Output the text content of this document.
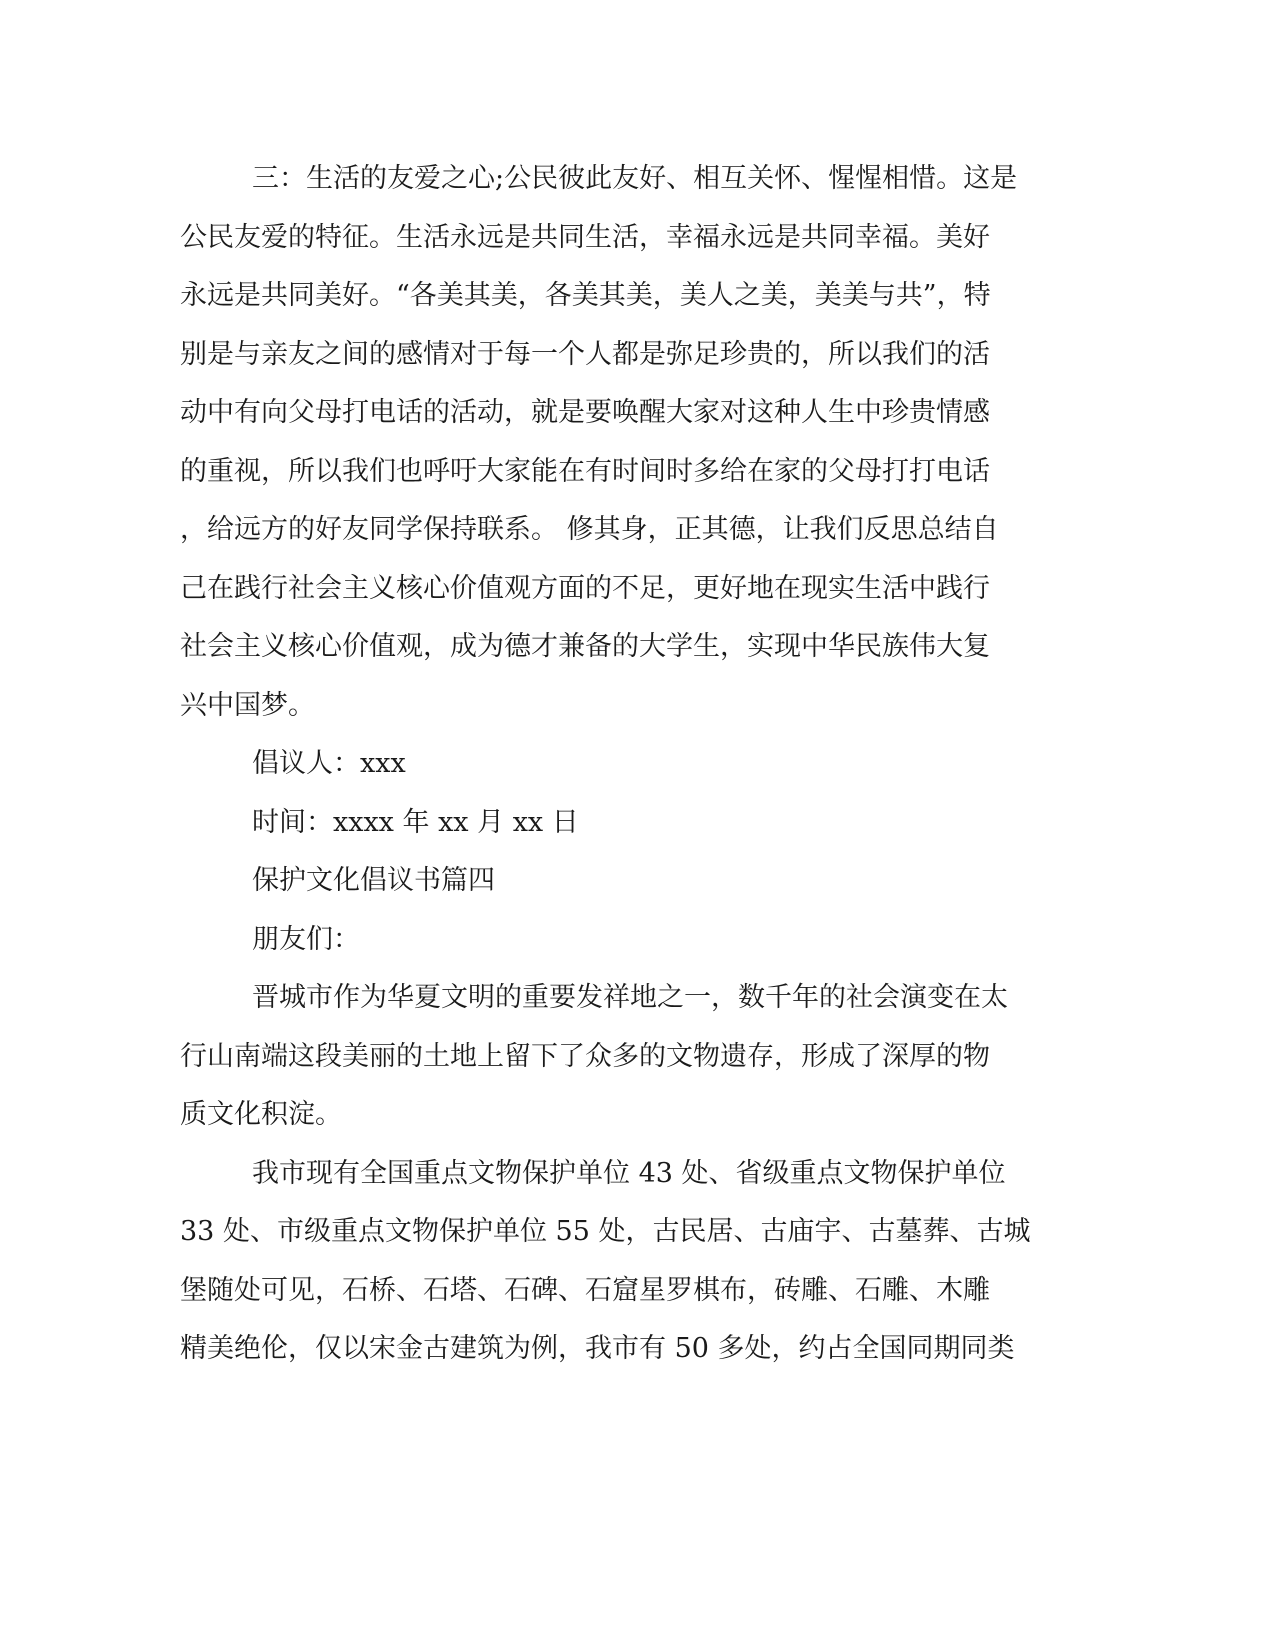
三：生活的友爱之心;公民彼此友好、相互关怀、惺惺相惜。这是
公民友爱的特征。生活永远是共同生活，幸福永远是共同幸福。美好
永远是共同美好。“各美其美，各美其美，美人之美，美美与共”，特
别是与亲友之间的感情对于每一个人都是弥足珍贵的，所以我们的活
动中有向父母打电话的活动，就是要唤醒大家对这种人生中珍贵情感
的重视，所以我们也呼吁大家能在有时间时多给在家的父母打打电话
，给远方的好友同学保持联系。 修其身，正其德，让我们反思总结自
己在践行社会主义核心价值观方面的不足，更好地在现实生活中践行
社会主义核心价值观，成为德才兼备的大学生，实现中华民族伟大复
兴中国梦。
倡议人：xxx
时间：xxxx 年 xx 月 xx 日
保护文化倡议书篇四
朋友们：
晋城市作为华夏文明的重要发祥地之一，数千年的社会演变在太
行山南端这段美丽的土地上留下了众多的文物遗存，形成了深厚的物
质文化积淀。
我市现有全国重点文物保护单位 43 处、省级重点文物保护单位
33 处、市级重点文物保护单位 55 处，古民居、古庙宇、古墓葬、古城
堡随处可见，石桥、石塔、石碑、石窟星罗棋布，砖雕、石雕、木雕
精美绝伦，仅以宋金古建筑为例，我市有 50 多处，约占全国同期同类
